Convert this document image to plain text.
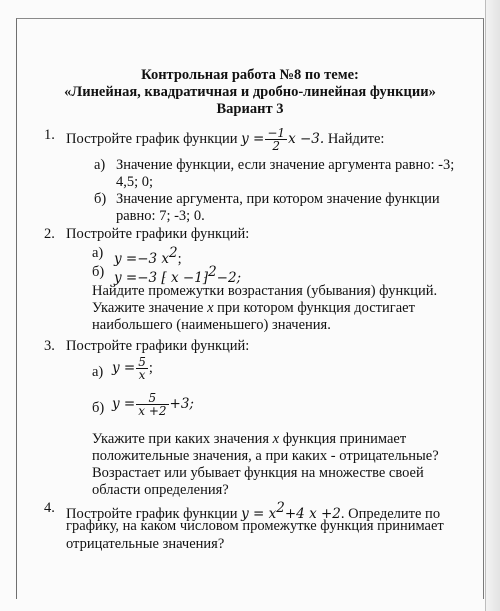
Контрольная работа №8 по теме:
«Линейная, квадратичная и дробно-линейная функции»
Вариант 3
1. Постройте график функции $y = \frac{-1}{2}$ x −3. Найдите:
а) Значение функции, если значение аргумента равно: -3;
4,5; 0;
б) Значение аргумента, при котором значение функции
равно: 7; -3; 0.
2. Постройте графики функций:
а) y =−3 $x^2$;
б) y =−3 ⁅ x −1⁆$^2$−2;
Найдите промежутки возрастания (убывания) функций.
Укажите значение x при котором функция достигает
наибольшего (наименьшего) значения.
3. Постройте графики функций:
а) $y = \frac{5}{x}$ ;
б) $y = \frac{5}{x +2} +3$;
Укажите при каких значения x функция принимает
положительные значения, а при каких - отрицательные?
Возрастает или убывает функция на множестве своей
области определения?
4. Постройте график функции $y = x^2+4$ x +2. Определите по
графику, на каком числовом промежутке функция принимает
отрицательные значения?
